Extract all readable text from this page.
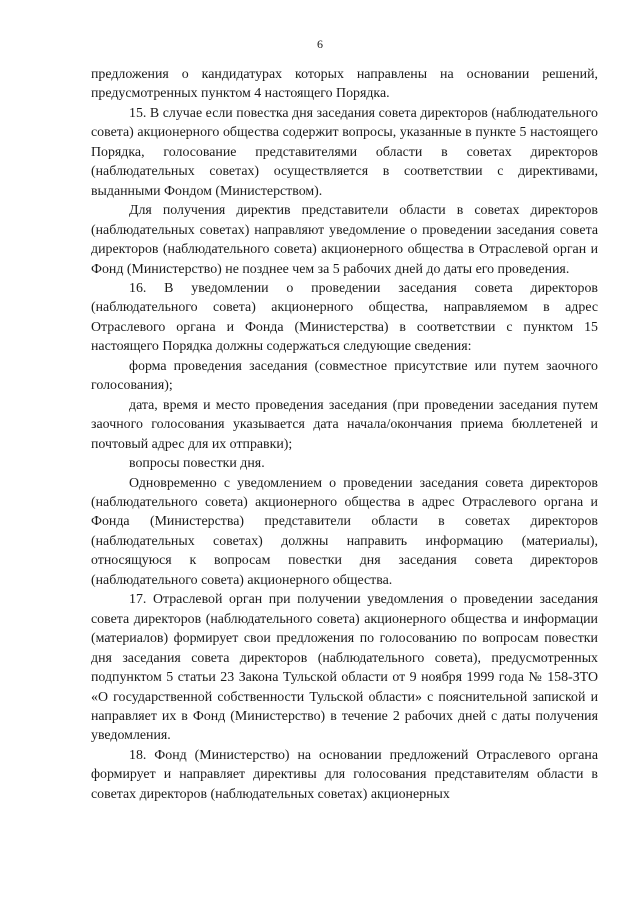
6

предложения о кандидатурах которых направлены на основании решений, предусмотренных пунктом 4 настоящего Порядка.

15. В случае если повестка дня заседания совета директоров (наблюдательного совета) акционерного общества содержит вопросы, указанные в пункте 5 настоящего Порядка, голосование представителями области в советах директоров (наблюдательных советах) осуществляется в соответствии с директивами, выданными Фондом (Министерством).

Для получения директив представители области в советах директоров (наблюдательных советах) направляют уведомление о проведении заседания совета директоров (наблюдательного совета) акционерного общества в Отраслевой орган и Фонд (Министерство) не позднее чем за 5 рабочих дней до даты его проведения.

16. В уведомлении о проведении заседания совета директоров (наблюдательного совета) акционерного общества, направляемом в адрес Отраслевого органа и Фонда (Министерства) в соответствии с пунктом 15 настоящего Порядка должны содержаться следующие сведения:

форма проведения заседания (совместное присутствие или путем заочного голосования);

дата, время и место проведения заседания (при проведении заседания путем заочного голосования указывается дата начала/окончания приема бюллетеней и почтовый адрес для их отправки);

вопросы повестки дня.

Одновременно с уведомлением о проведении заседания совета директоров (наблюдательного совета) акционерного общества в адрес Отраслевого органа и Фонда (Министерства) представители области в советах директоров (наблюдательных советах) должны направить информацию (материалы), относящуюся к вопросам повестки дня заседания совета директоров (наблюдательного совета) акционерного общества.

17. Отраслевой орган при получении уведомления о проведении заседания совета директоров (наблюдательного совета) акционерного общества и информации (материалов) формирует свои предложения по голосованию по вопросам повестки дня заседания совета директоров (наблюдательного совета), предусмотренных подпунктом 5 статьи 23 Закона Тульской области от 9 ноября 1999 года № 158-ЗТО «О государственной собственности Тульской области» с пояснительной запиской и направляет их в Фонд (Министерство) в течение 2 рабочих дней с даты получения уведомления.

18. Фонд (Министерство) на основании предложений Отраслевого органа формирует и направляет директивы для голосования представителям области в советах директоров (наблюдательных советах) акционерных
